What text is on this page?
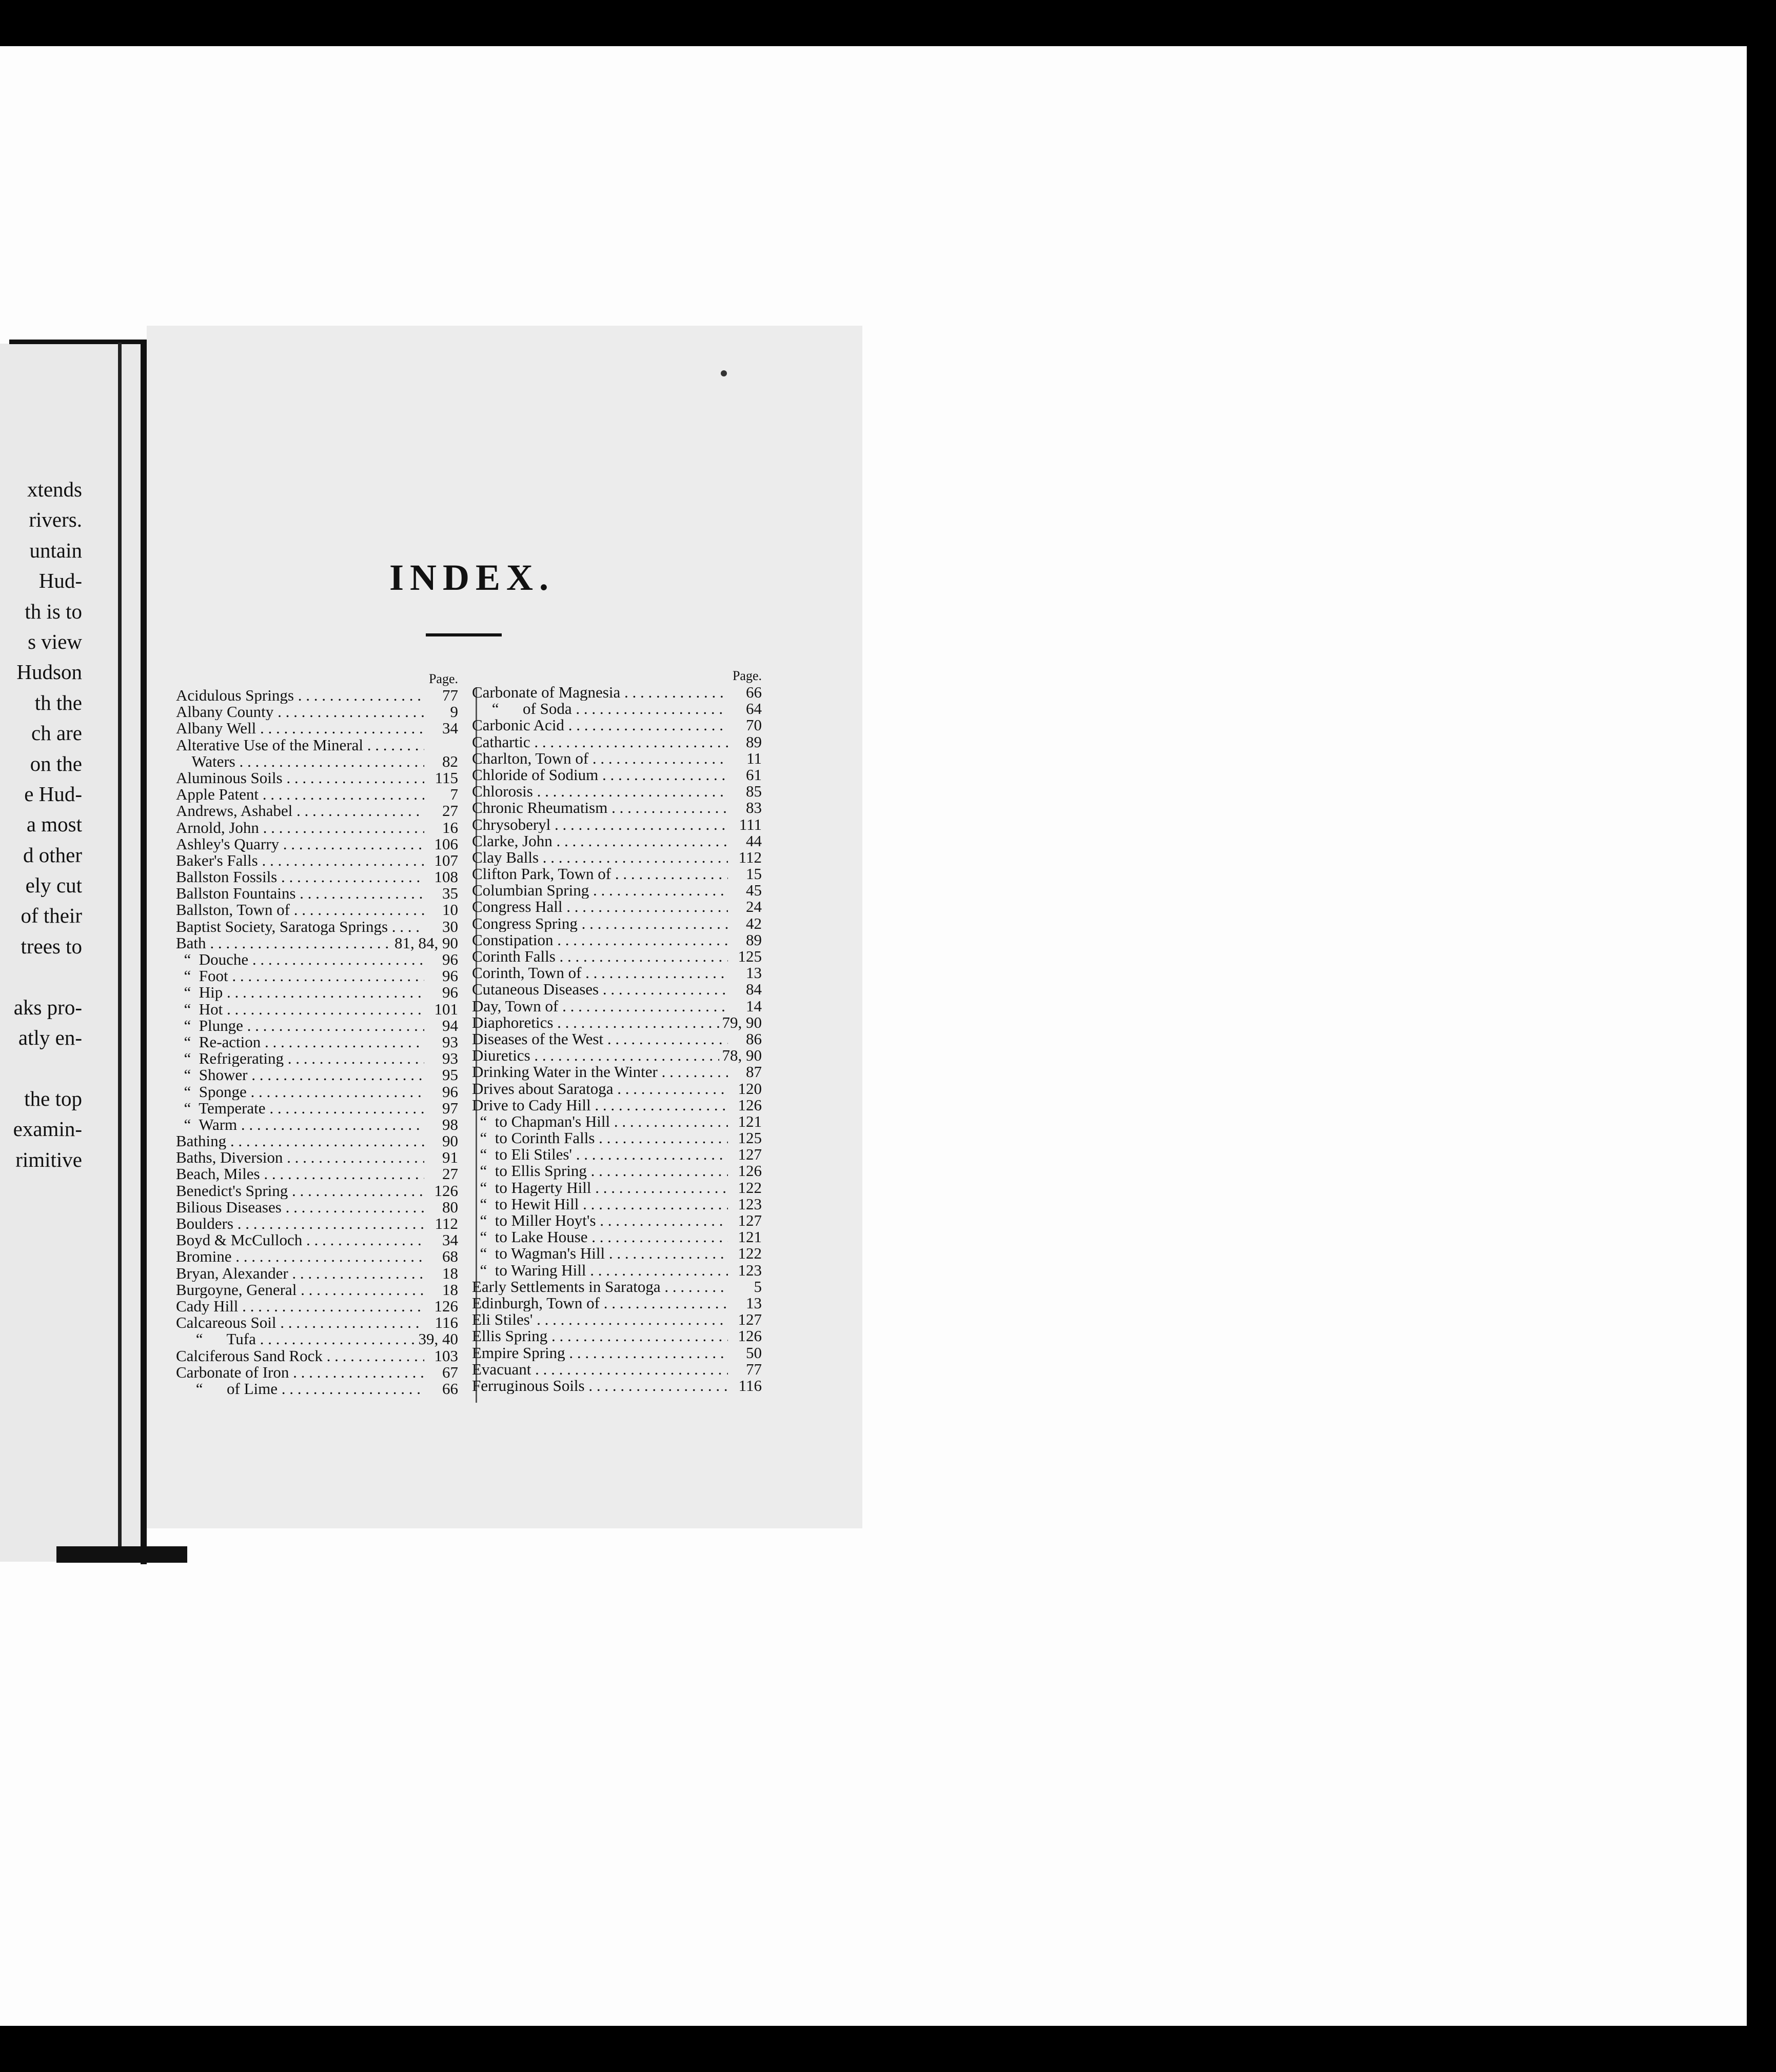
xtends
rivers.
untain
Hud-
th is to
s view
Hudson
th the
ch are
on the
e Hud-
a most
d other
ely cut
of their
trees to
aks pro-
atly en-
the top
examin-
rimitive
INDEX.
Page.
Acidulous Springs . . .	77
Albany County . . .	9
Albany Well . . .	34
Alterative Use of the Mineral . . .
Waters . . .	82
Aluminous Soils . . .	115
Apple Patent . . .	7
Andrews, Ashabel . . .	27
Arnold, John . . .	16
Ashley's Quarry . . .	106
Baker's Falls . . .	107
Ballston Fossils . . .	108
Ballston Fountains . . .	35
Ballston, Town of . . .	10
Baptist Society, Saratoga Springs . . .	30
Bath . . .	81, 84, 90
“  Douche . . .	96
“  Foot . . .	96
“  Hip . . .	96
“  Hot . . .	101
“  Plunge . . .	94
“  Re-action . . .	93
“  Refrigerating . . .	93
“  Shower . . .	95
“  Sponge . . .	96
“  Temperate . . .	97
“  Warm . . .	98
Bathing . . .	90
Baths, Diversion . . .	91
Beach, Miles . . .	27
Benedict's Spring . . .	126
Bilious Diseases . . .	80
Boulders . . .	112
Boyd & McCulloch . . .	34
Bromine . . .	68
Bryan, Alexander . . .	18
Burgoyne, General . . .	18
Cady Hill . . .	126
Calcareous Soil . . .	116
“      Tufa . . .	39, 40
Calciferous Sand Rock . . .	103
Carbonate of Iron . . .	67
“      of Lime . . .	66
Page.
Carbonate of Magnesia . . .	66
“      of Soda . . .	64
Carbonic Acid . . .	70
Cathartic . . .	89
Charlton, Town of . . .	11
Chloride of Sodium . . .	61
Chlorosis . . .	85
Chronic Rheumatism . . .	83
Chrysoberyl . . .	111
Clarke, John . . .	44
Clay Balls . . .	112
Clifton Park, Town of . . .	15
Columbian Spring . . .	45
Congress Hall . . .	24
Congress Spring . . .	42
Constipation . . .	89
Corinth Falls . . .	125
Corinth, Town of . . .	13
Cutaneous Diseases . . .	84
Day, Town of . . .	14
Diaphoretics . . .	79, 90
Diseases of the West . . .	86
Diuretics . . .	78, 90
Drinking Water in the Winter . . .	87
Drives about Saratoga . . .	120
Drive to Cady Hill . . .	126
“  to Chapman's Hill . . .	121
“  to Corinth Falls . . .	125
“  to Eli Stiles' . . .	127
“  to Ellis Spring . . .	126
“  to Hagerty Hill . . .	122
“  to Hewit Hill . . .	123
“  to Miller Hoyt's . . .	127
“  to Lake House . . .	121
“  to Wagman's Hill . . .	122
“  to Waring Hill . . .	123
Early Settlements in Saratoga . . .	5
Edinburgh, Town of . . .	13
Eli Stiles' . . .	127
Ellis Spring . . .	126
Empire Spring . . .	50
Evacuant . . .	77
Ferruginous Soils . . .	116
